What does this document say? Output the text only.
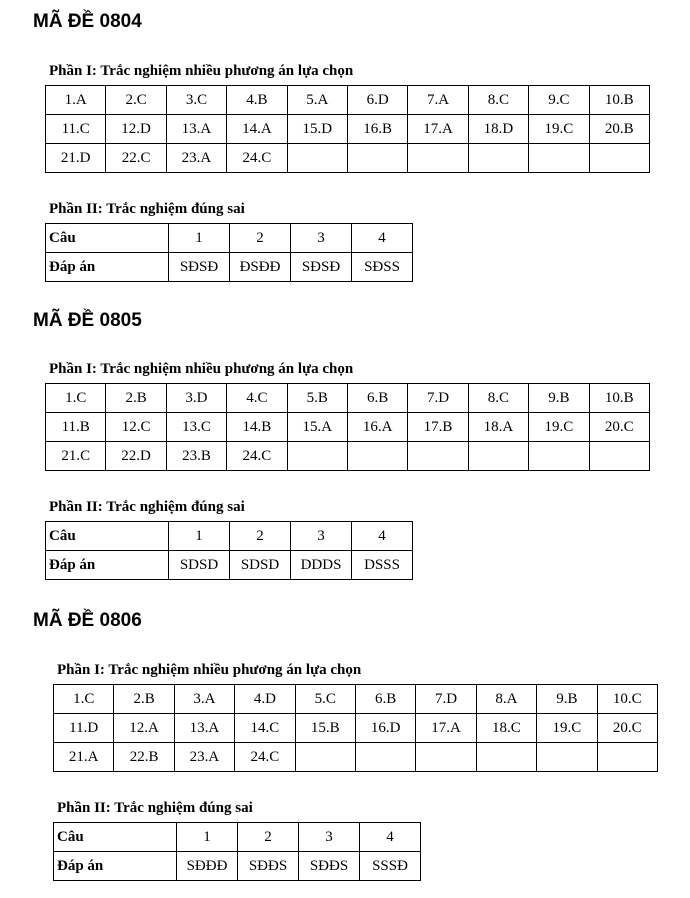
MÃ ĐỀ 0804
Phần I: Trắc nghiệm nhiều phương án lựa chọn
1.A	2.C	3.C	4.B	5.A	6.D	7.A	8.C	9.C	10.B
11.C	12.D	13.A	14.A	15.D	16.B	17.A	18.D	19.C	20.B
21.D	22.C	23.A	24.C						
Phần II: Trắc nghiệm đúng sai
Câu	1	2	3	4
Đáp án	SĐSĐ	ĐSĐĐ	SĐSĐ	SĐSS
MÃ ĐỀ 0805
Phần I: Trắc nghiệm nhiều phương án lựa chọn
1.C	2.B	3.D	4.C	5.B	6.B	7.D	8.C	9.B	10.B
11.B	12.C	13.C	14.B	15.A	16.A	17.B	18.A	19.C	20.C
21.C	22.D	23.B	24.C						
Phần II: Trắc nghiệm đúng sai
Câu	1	2	3	4
Đáp án	SDSD	SDSD	DDDS	DSSS
MÃ ĐỀ 0806
Phần I: Trắc nghiệm nhiều phương án lựa chọn
1.C	2.B	3.A	4.D	5.C	6.B	7.D	8.A	9.B	10.C
11.D	12.A	13.A	14.C	15.B	16.D	17.A	18.C	19.C	20.C
21.A	22.B	23.A	24.C						
Phần II: Trắc nghiệm đúng sai
Câu	1	2	3	4
Đáp án	SĐĐĐ	SĐĐS	SĐĐS	SSSĐ
